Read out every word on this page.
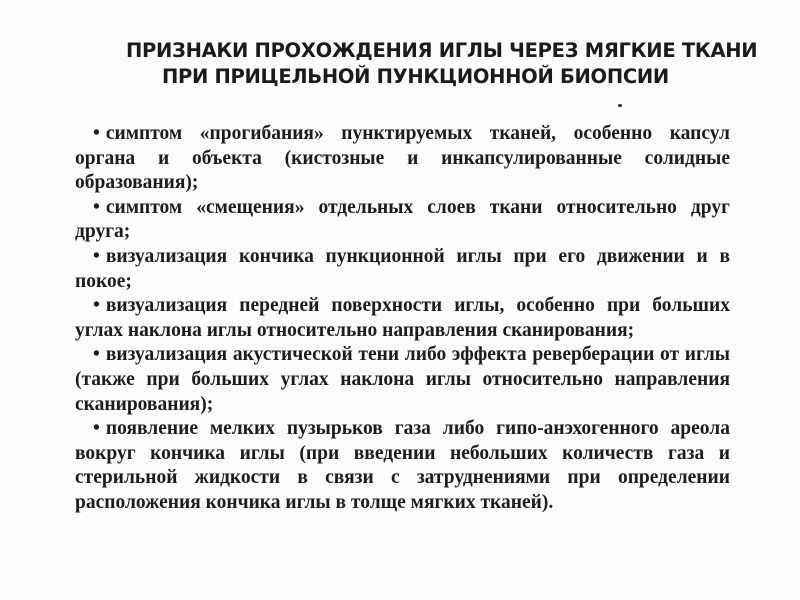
ПРИЗНАКИ ПРОХОЖДЕНИЯ ИГЛЫ ЧЕРЕЗ МЯГКИЕ ТКАНИ
ПРИ ПРИЦЕЛЬНОЙ ПУНКЦИОННОЙ БИОПСИИ

• симптом «прогибания» пунктируемых тканей, особенно капсул органа и объекта (кистозные и инкапсулированные солидные образования);

• симптом «смещения» отдельных слоев ткани относительно друг друга;

• визуализация кончика пункционной иглы при его движении и в покое;

• визуализация передней поверхности иглы, особенно при больших углах наклона иглы относительно направления сканирования;

• визуализация акустической тени либо эффекта реверберации от иглы (также при больших углах наклона иглы относительно направления сканирования);

• появление мелких пузырьков газа либо гипо-анэхогенного ареола вокруг кончика иглы (при введении небольших количеств газа и стерильной жидкости в связи с затруднениями при определении расположения кончика иглы в толще мягких тканей).
